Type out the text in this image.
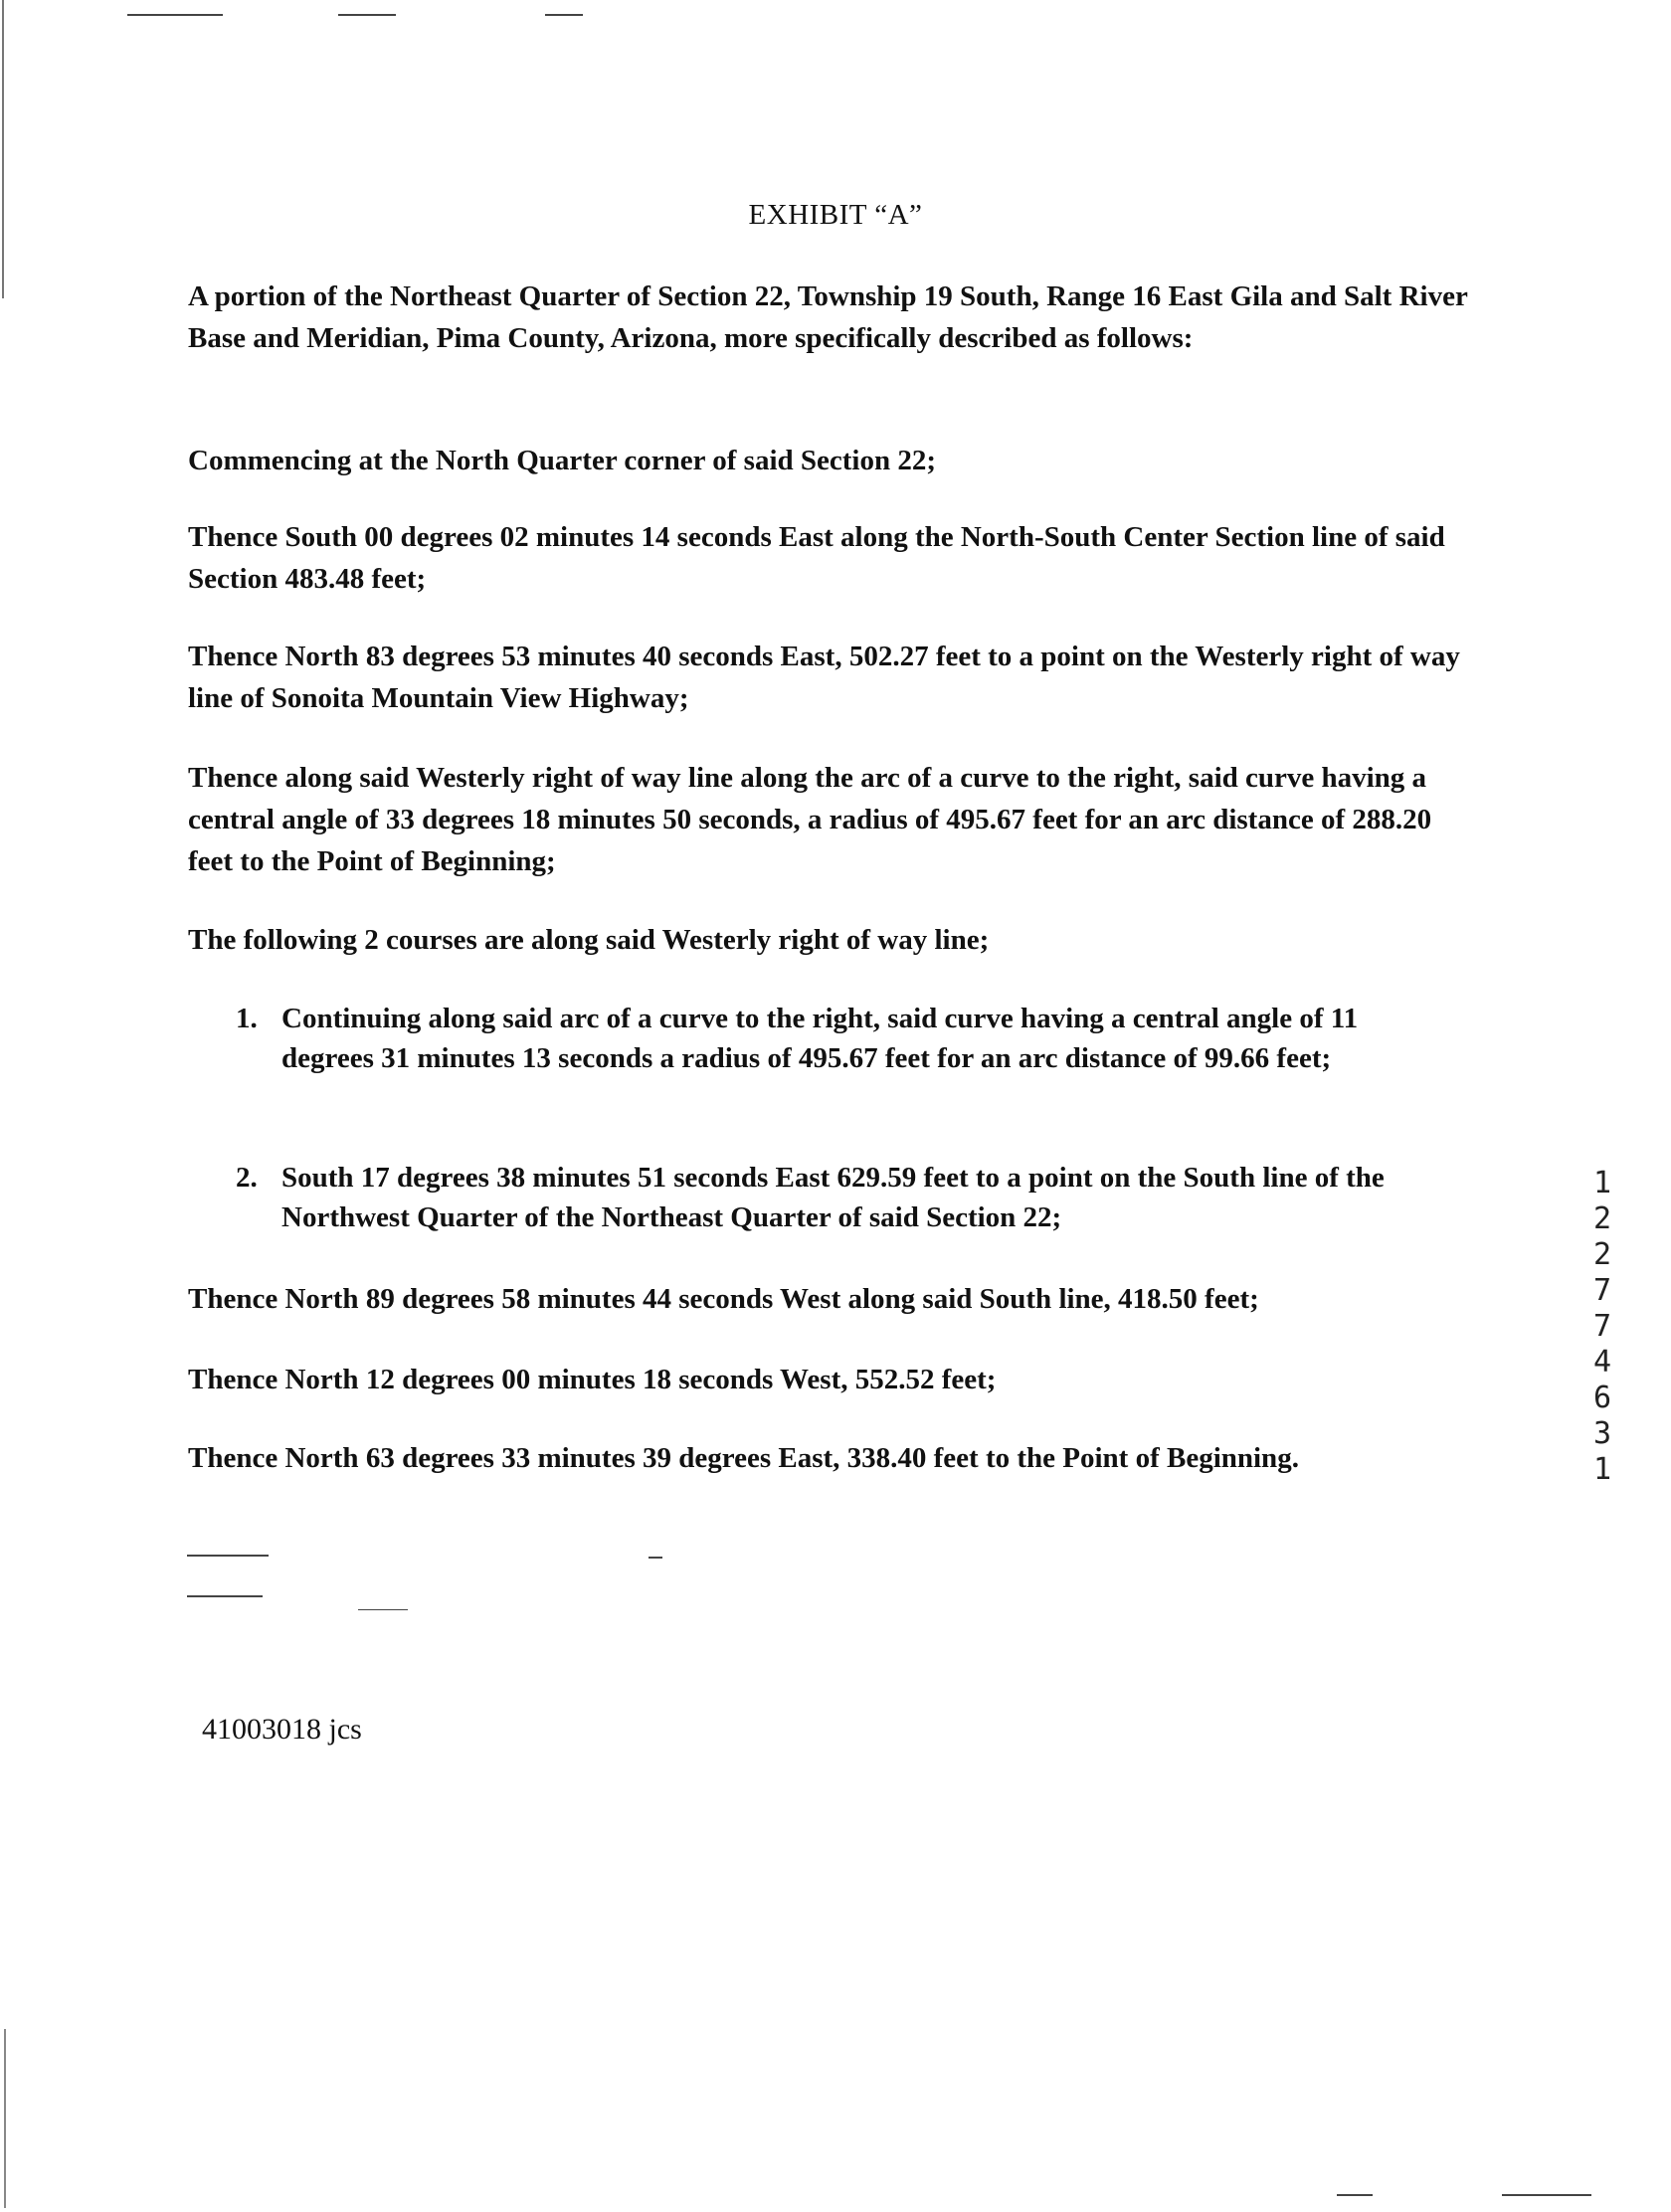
EXHIBIT “A”
A portion of the Northeast Quarter of Section 22, Township 19 South, Range 16 East Gila and Salt River Base and Meridian, Pima County, Arizona, more specifically described as follows:
Commencing at the North Quarter corner of said Section 22;
Thence South 00 degrees 02 minutes 14 seconds East along the North-South Center Section line of said Section 483.48 feet;
Thence North 83 degrees 53 minutes 40 seconds East, 502.27 feet to a point on the Westerly right of way line of Sonoita Mountain View Highway;
Thence along said Westerly right of way line along the arc of a curve to the right, said curve having a central angle of 33 degrees 18 minutes 50 seconds, a radius of 495.67 feet for an arc distance of 288.20 feet to the Point of Beginning;
The following 2 courses are along said Westerly right of way line;
1. Continuing along said arc of a curve to the right, said curve having a central angle of 11 degrees 31 minutes 13 seconds a radius of 495.67 feet for an arc distance of 99.66 feet;
2. South 17 degrees 38 minutes 51 seconds East 629.59 feet to a point on the South line of the Northwest Quarter of the Northeast Quarter of said Section 22;
Thence North 89 degrees 58 minutes 44 seconds West along said South line, 418.50 feet;
Thence North 12 degrees 00 minutes 18 seconds West, 552.52 feet;
Thence North 63 degrees 33 minutes 39 degrees East, 338.40 feet to the Point of Beginning.
41003018 jcs
1
2
2
7
7
4
6
3
1
